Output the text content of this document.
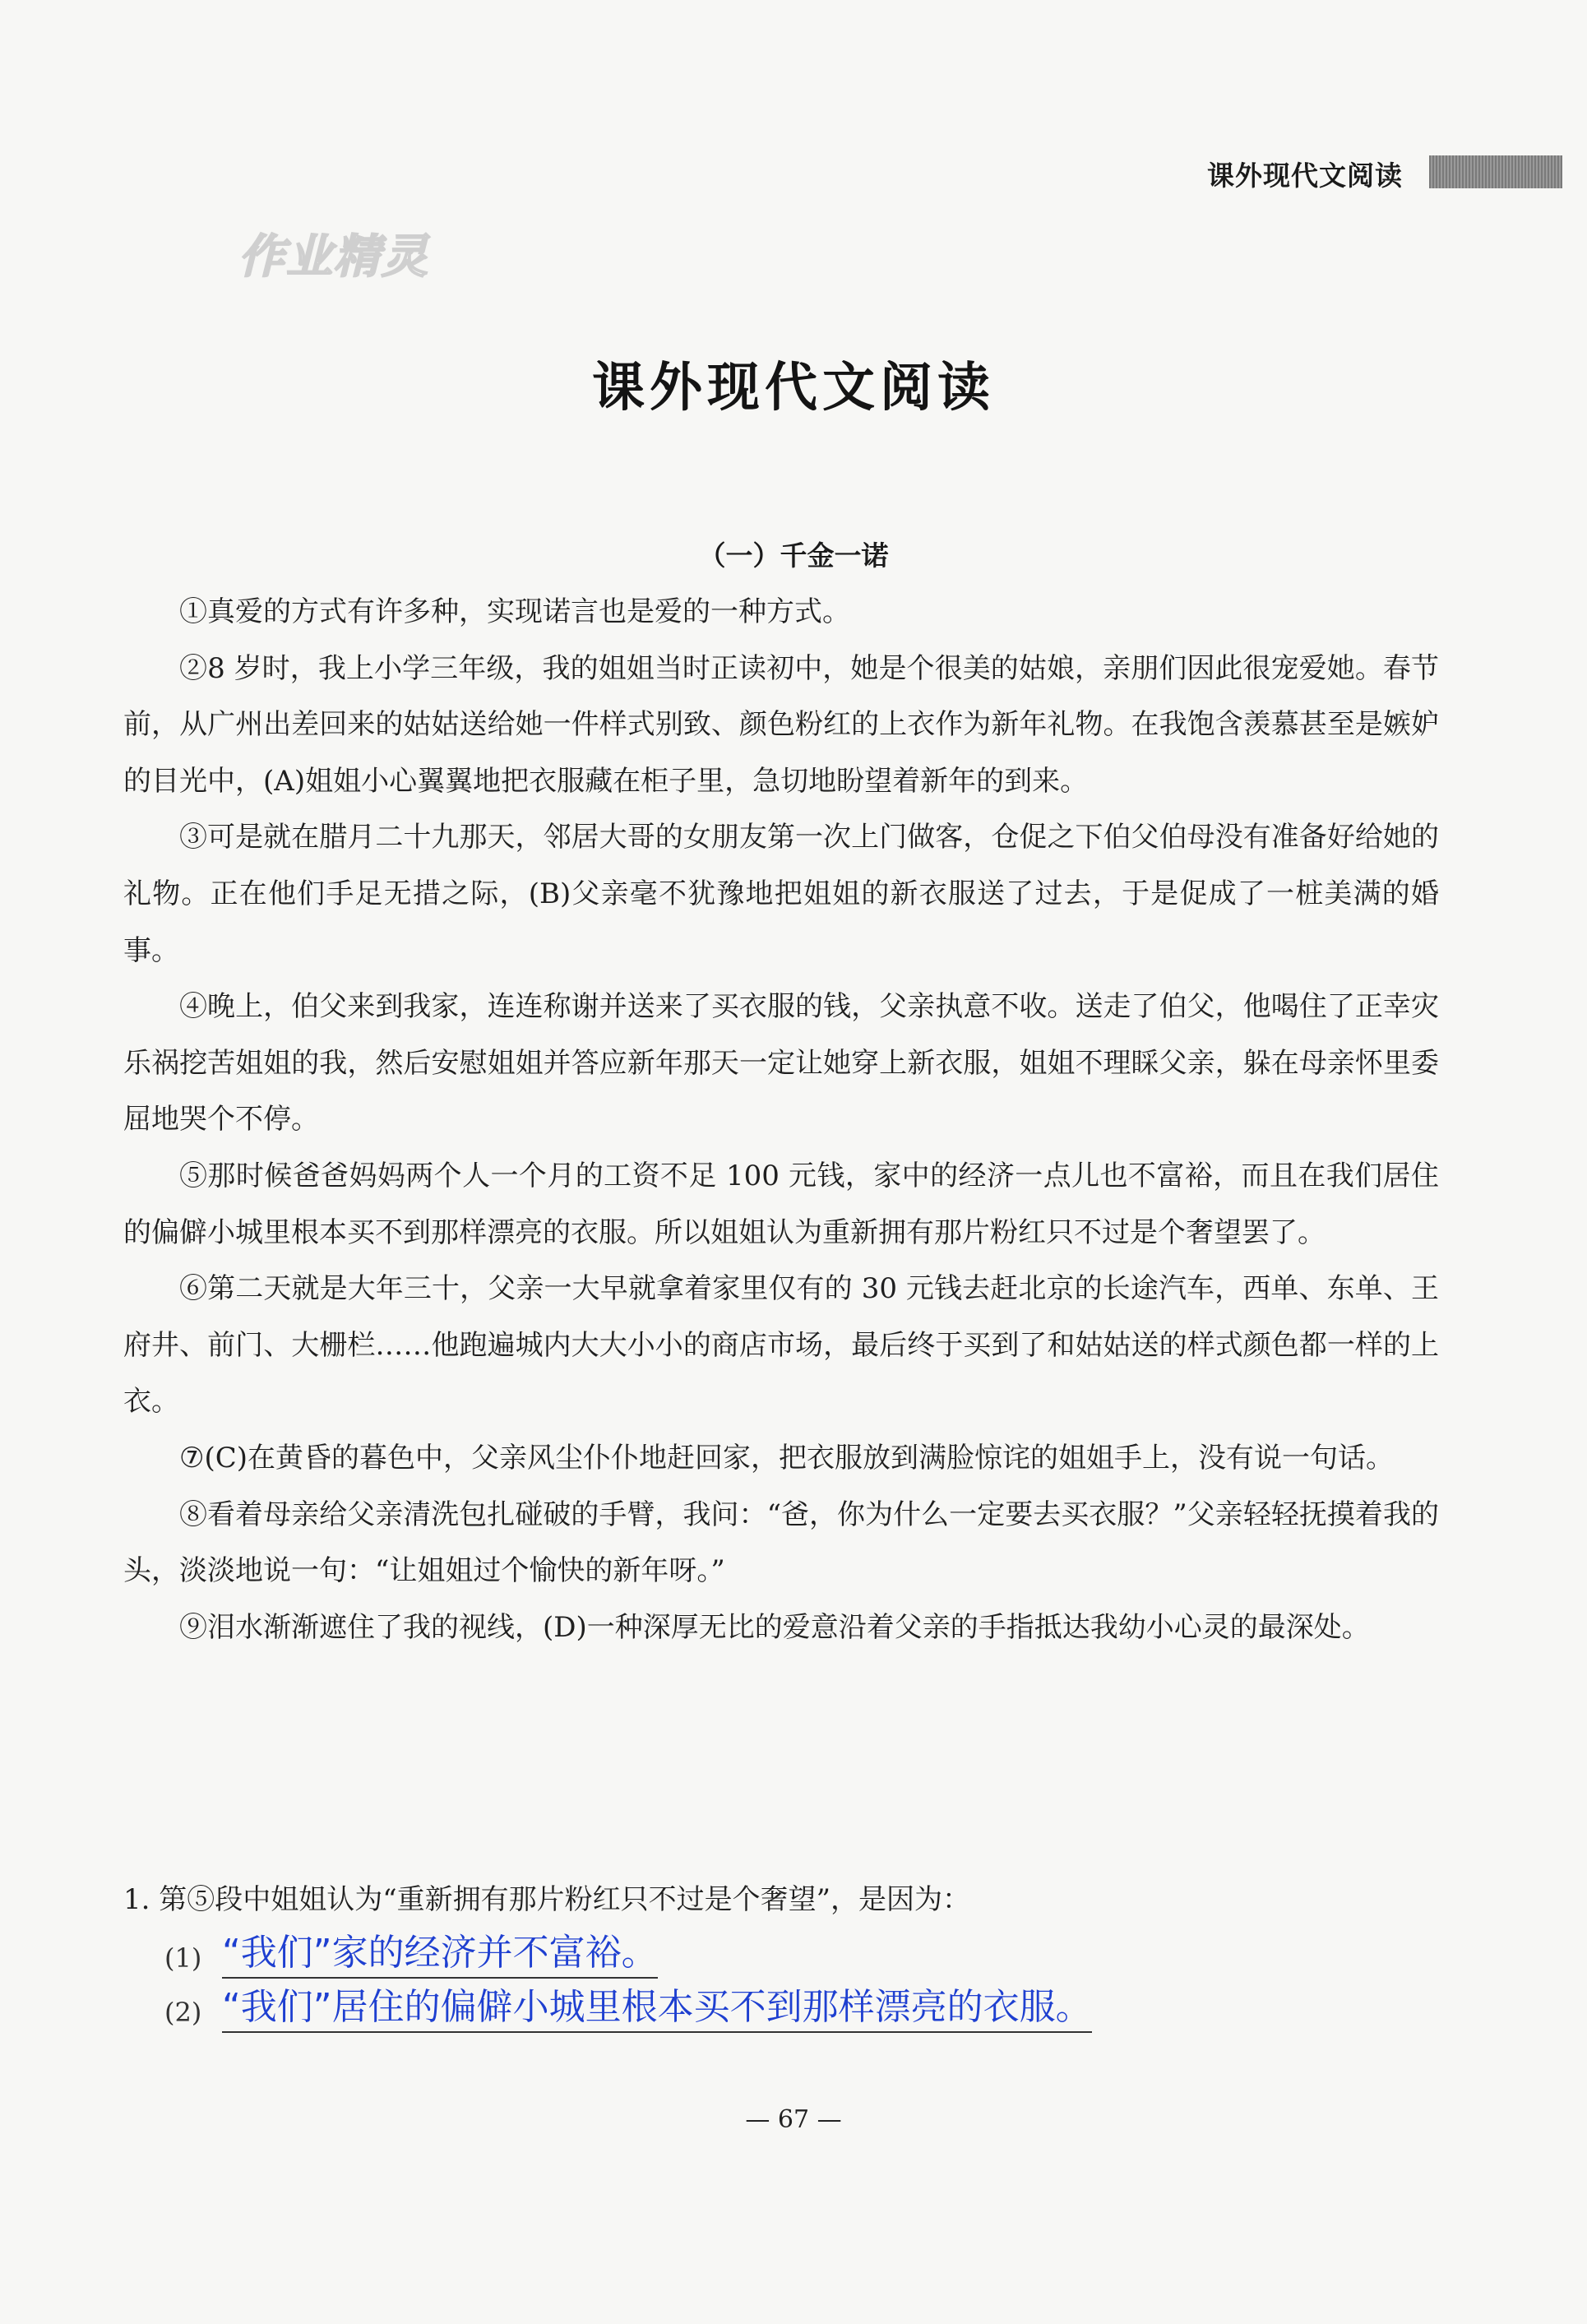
课外现代文阅读
作业精灵
课外现代文阅读
（一）千金一诺

①真爱的方式有许多种，实现诺言也是爱的一种方式。

②8 岁时，我上小学三年级，我的姐姐当时正读初中，她是个很美的姑娘，亲朋们因此很宠爱她。春节前，从广州出差回来的姑姑送给她一件样式别致、颜色粉红的上衣作为新年礼物。在我饱含羡慕甚至是嫉妒的目光中，(A)姐姐小心翼翼地把衣服藏在柜子里，急切地盼望着新年的到来。

③可是就在腊月二十九那天，邻居大哥的女朋友第一次上门做客，仓促之下伯父伯母没有准备好给她的礼物。正在他们手足无措之际，(B)父亲毫不犹豫地把姐姐的新衣服送了过去，于是促成了一桩美满的婚事。

④晚上，伯父来到我家，连连称谢并送来了买衣服的钱，父亲执意不收。送走了伯父，他喝住了正幸灾乐祸挖苦姐姐的我，然后安慰姐姐并答应新年那天一定让她穿上新衣服，姐姐不理睬父亲，躲在母亲怀里委屈地哭个不停。

⑤那时候爸爸妈妈两个人一个月的工资不足 100 元钱，家中的经济一点儿也不富裕，而且在我们居住的偏僻小城里根本买不到那样漂亮的衣服。所以姐姐认为重新拥有那片粉红只不过是个奢望罢了。

⑥第二天就是大年三十，父亲一大早就拿着家里仅有的 30 元钱去赶北京的长途汽车，西单、东单、王府井、前门、大栅栏……他跑遍城内大大小小的商店市场，最后终于买到了和姑姑送的样式颜色都一样的上衣。

⑦(C)在黄昏的暮色中，父亲风尘仆仆地赶回家，把衣服放到满脸惊诧的姐姐手上，没有说一句话。

⑧看着母亲给父亲清洗包扎碰破的手臂，我问：“爸，你为什么一定要去买衣服？”父亲轻轻抚摸着我的头，淡淡地说一句：“让姐姐过个愉快的新年呀。”

⑨泪水渐渐遮住了我的视线，(D)一种深厚无比的爱意沿着父亲的手指抵达我幼小心灵的最深处。

1. 第⑤段中姐姐认为“重新拥有那片粉红只不过是个奢望”，是因为：
(1) “我们”家的经济并不富裕。
(2) “我们”居住的偏僻小城里根本买不到那样漂亮的衣服。
— 67 —
